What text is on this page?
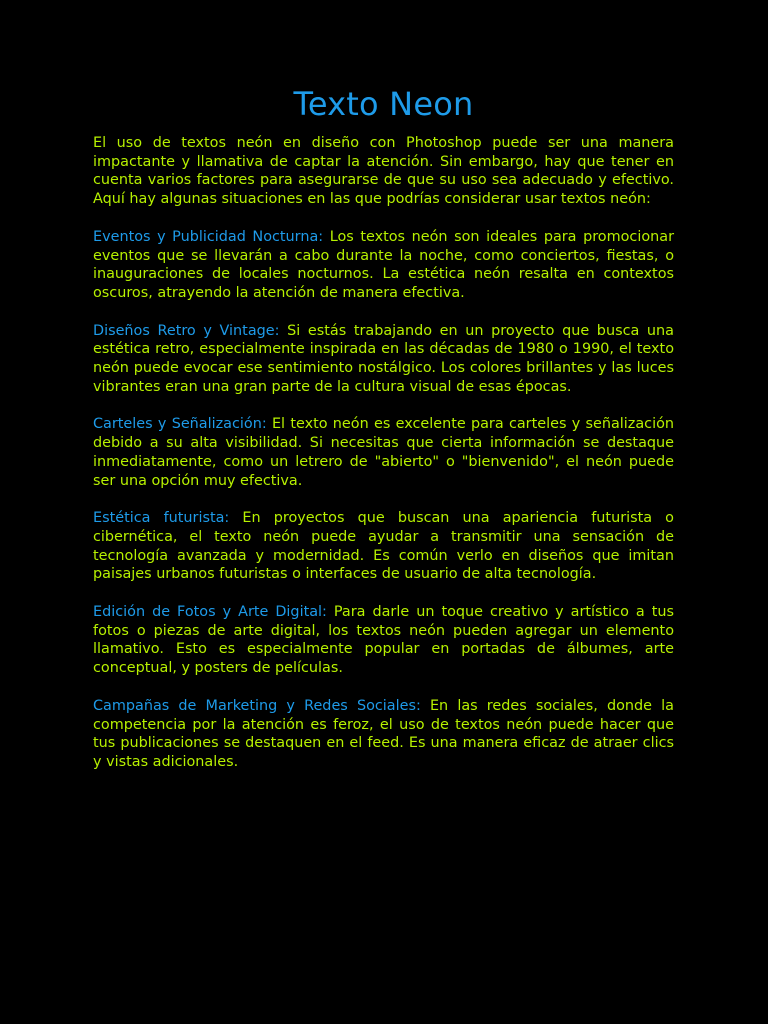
Texto Neon

El uso de textos neón en diseño con Photoshop puede ser una manera impactante y llamativa de captar la atención. Sin embargo, hay que tener en cuenta varios factores para asegurarse de que su uso sea adecuado y efectivo. Aquí hay algunas situaciones en las que podrías considerar usar textos neón:

Eventos y Publicidad Nocturna: Los textos neón son ideales para promocionar eventos que se llevarán a cabo durante la noche, como conciertos, fiestas, o inauguraciones de locales nocturnos. La estética neón resalta en contextos oscuros, atrayendo la atención de manera efectiva.

Diseños Retro y Vintage: Si estás trabajando en un proyecto que busca una estética retro, especialmente inspirada en las décadas de 1980 o 1990, el texto neón puede evocar ese sentimiento nostálgico. Los colores brillantes y las luces vibrantes eran una gran parte de la cultura visual de esas épocas.

Carteles y Señalización: El texto neón es excelente para carteles y señalización debido a su alta visibilidad. Si necesitas que cierta información se destaque inmediatamente, como un letrero de "abierto" o "bienvenido", el neón puede ser una opción muy efectiva.

Estética futurista: En proyectos que buscan una apariencia futurista o cibernética, el texto neón puede ayudar a transmitir una sensación de tecnología avanzada y modernidad. Es común verlo en diseños que imitan paisajes urbanos futuristas o interfaces de usuario de alta tecnología.

Edición de Fotos y Arte Digital: Para darle un toque creativo y artístico a tus fotos o piezas de arte digital, los textos neón pueden agregar un elemento llamativo. Esto es especialmente popular en portadas de álbumes, arte conceptual, y posters de películas.

Campañas de Marketing y Redes Sociales: En las redes sociales, donde la competencia por la atención es feroz, el uso de textos neón puede hacer que tus publicaciones se destaquen en el feed. Es una manera eficaz de atraer clics y vistas adicionales.
